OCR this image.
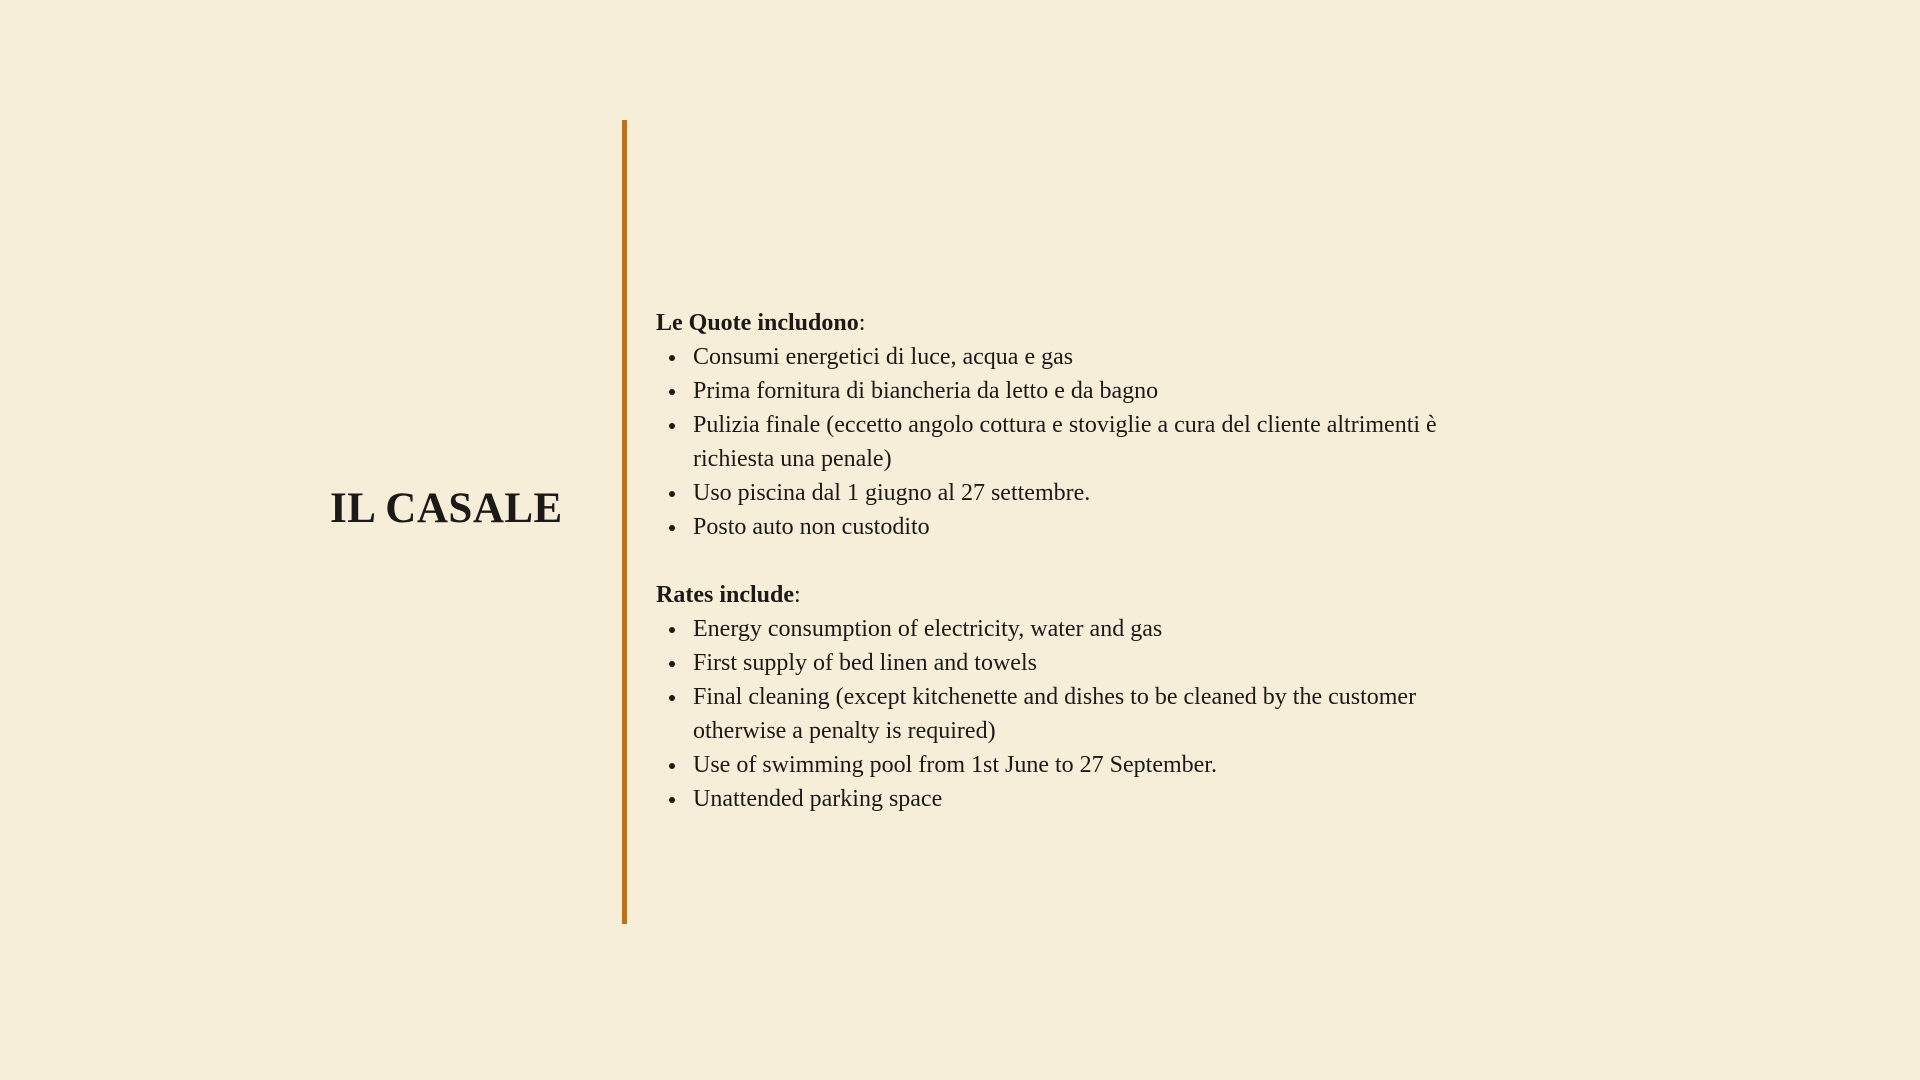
IL CASALE

Le Quote includono:

Consumi energetici di luce, acqua e gas
Prima fornitura di biancheria da letto e da bagno
Pulizia finale (eccetto angolo cottura e stoviglie a cura del cliente altrimenti è richiesta una penale)
Uso piscina dal 1 giugno al 27 settembre.
Posto auto non custodito

Rates include:

Energy consumption of electricity, water and gas
First supply of bed linen and towels
Final cleaning (except kitchenette and dishes to be cleaned by the customer otherwise a penalty is required)
Use of swimming pool from 1st June to 27 September.
Unattended parking space
